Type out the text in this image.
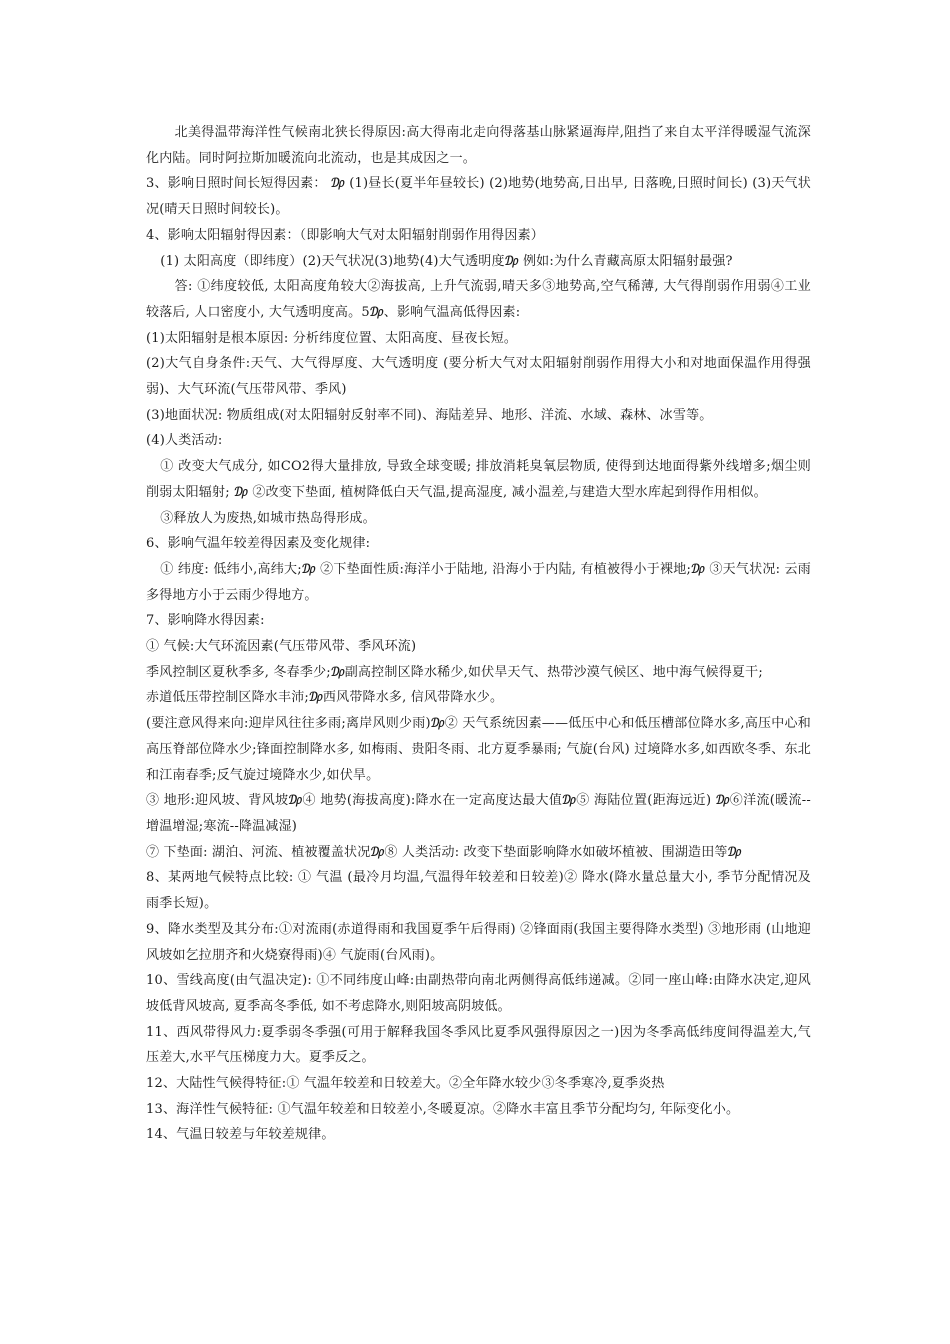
北美得温带海洋性气候南北狭长得原因:高大得南北走向得落基山脉紧逼海岸,阻挡了来自太平洋得暖湿气流深化内陆。同时阿拉斯加暖流向北流动，也是其成因之一。

3、影响日照时间长短得因素： ₯ (1)昼长(夏半年昼较长) (2)地势(地势高,日出早, 日落晚,日照时间长) (3)天气状况(晴天日照时间较长)。

4、影响太阳辐射得因素：（即影响大气对太阳辐射削弱作用得因素）

(1) 太阳高度（即纬度）(2)天气状况(3)地势(4)大气透明度₯ 例如:为什么青藏高原太阳辐射最强?

答: ①纬度较低, 太阳高度角较大②海拔高, 上升气流弱,晴天多③地势高,空气稀薄, 大气得削弱作用弱④工业较落后, 人口密度小, 大气透明度高。5₯、影响气温高低得因素:

(1)太阳辐射是根本原因: 分析纬度位置、太阳高度、昼夜长短。

(2)大气自身条件:天气、大气得厚度、大气透明度 (要分析大气对太阳辐射削弱作用得大小和对地面保温作用得强弱)、大气环流(气压带风带、季风)

(3)地面状况: 物质组成(对太阳辐射反射率不同)、海陆差异、地形、洋流、水域、森林、冰雪等。

(4)人类活动:

① 改变大气成分, 如CO2得大量排放, 导致全球变暖; 排放消耗臭氧层物质, 使得到达地面得紫外线增多;烟尘则削弱太阳辐射; ₯ ②改变下垫面, 植树降低白天气温,提高湿度, 减小温差,与建造大型水库起到得作用相似。

③释放人为废热,如城市热岛得形成。

6、影响气温年较差得因素及变化规律:

① 纬度: 低纬小,高纬大;₯ ②下垫面性质:海洋小于陆地, 沿海小于内陆, 有植被得小于裸地;₯ ③天气状况: 云雨多得地方小于云雨少得地方。

7、影响降水得因素:

① 气候:大气环流因素(气压带风带、季风环流)

季风控制区夏秋季多, 冬春季少;₯副高控制区降水稀少,如伏旱天气、热带沙漠气候区、地中海气候得夏干;

赤道低压带控制区降水丰沛;₯西风带降水多, 信风带降水少。

(要注意风得来向:迎岸风往往多雨;离岸风则少雨)₯② 天气系统因素——低压中心和低压槽部位降水多,高压中心和高压脊部位降水少;锋面控制降水多, 如梅雨、贵阳冬雨、北方夏季暴雨; 气旋(台风) 过境降水多,如西欧冬季、东北和江南春季;反气旋过境降水少,如伏旱。

③ 地形:迎风坡、背风坡₯④ 地势(海拔高度):降水在一定高度达最大值₯⑤ 海陆位置(距海远近) ₯⑥洋流(暖流--增温增湿;寒流--降温减湿)

⑦ 下垫面: 湖泊、河流、植被覆盖状况₯⑧ 人类活动: 改变下垫面影响降水如破坏植被、围湖造田等₯

8、某两地气候特点比较: ① 气温 (最冷月均温,气温得年较差和日较差)② 降水(降水量总量大小, 季节分配情况及雨季长短)。

9、降水类型及其分布:①对流雨(赤道得雨和我国夏季午后得雨) ②锋面雨(我国主要得降水类型) ③地形雨 (山地迎风坡如乞拉朋齐和火烧寮得雨)④ 气旋雨(台风雨)。

10、雪线高度(由气温决定): ①不同纬度山峰:由副热带向南北两侧得高低纬递减。②同一座山峰:由降水决定,迎风坡低背风坡高, 夏季高冬季低, 如不考虑降水,则阳坡高阴坡低。

11、西风带得风力:夏季弱冬季强(可用于解释我国冬季风比夏季风强得原因之一)因为冬季高低纬度间得温差大,气压差大,水平气压梯度力大。夏季反之。

12、大陆性气候得特征:① 气温年较差和日较差大。②全年降水较少③冬季寒冷,夏季炎热

13、海洋性气候特征: ①气温年较差和日较差小,冬暖夏凉。②降水丰富且季节分配均匀, 年际变化小。

14、气温日较差与年较差规律。
